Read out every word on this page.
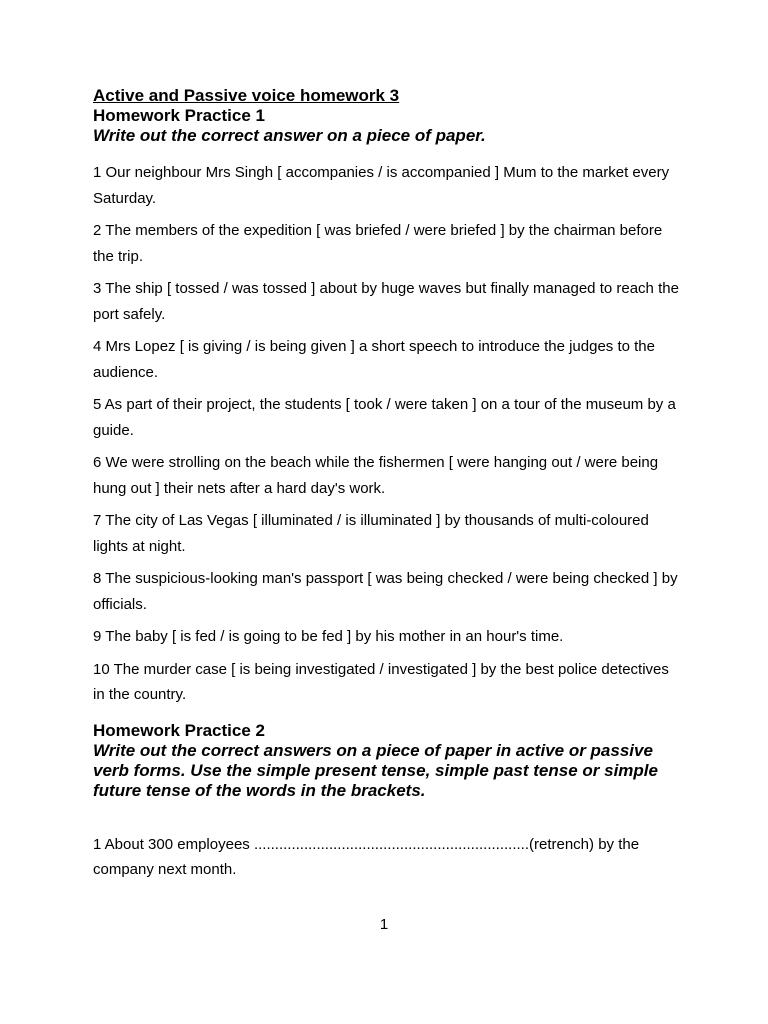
Active and Passive voice homework 3
Homework Practice 1

Write out the correct answer on a piece of paper.

1 Our neighbour Mrs Singh [ accompanies / is accompanied ] Mum to the market every Saturday.
2 The members of the expedition [ was briefed / were briefed ] by the chairman before the trip.
3 The ship [ tossed / was tossed ] about by huge waves but finally managed to reach the port safely.
4 Mrs Lopez [ is giving / is being given ] a short speech to introduce the judges to the audience.
5 As part of their project, the students [ took / were taken ] on a tour of the museum by a guide.
6 We were strolling on the beach while the fishermen [ were hanging out / were being hung out ] their nets after a hard day's work.
7 The city of Las Vegas [ illuminated / is illuminated ] by thousands of multi-coloured lights at night.
8 The suspicious-looking man's passport [ was being checked / were being checked ] by officials.
9 The baby [ is fed / is going to be fed ] by his mother in an hour's time.
10 The murder case [ is being investigated / investigated ] by the best police detectives in the country.
Homework Practice 2

Write out the correct answers on a piece of paper in active or passive verb forms. Use the simple present tense, simple past tense or simple future tense of the words in the brackets.

1 About 300 employees ..................................................................(retrench) by the company next month.
1
